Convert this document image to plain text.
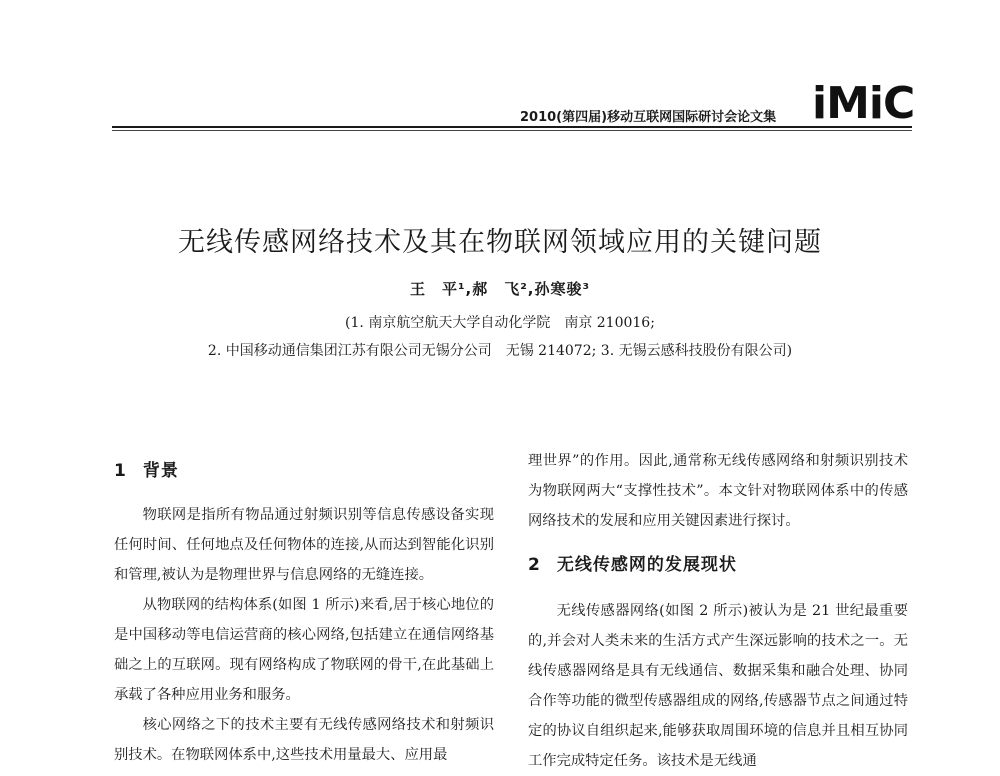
2010(第四届)移动互联网国际研讨会论文集 iMiC
无线传感网络技术及其在物联网领域应用的关键问题
王　平¹,郝　飞²,孙寒骏³
(1. 南京航空航天大学自动化学院　南京 210016;
2. 中国移动通信集团江苏有限公司无锡分公司　无锡 214072; 3. 无锡云感科技股份有限公司)
1 背景

物联网是指所有物品通过射频识别等信息传感设备实现任何时间、任何地点及任何物体的连接,从而达到智能化识别和管理,被认为是物理世界与信息网络的无缝连接。

从物联网的结构体系(如图 1 所示)来看,居于核心地位的是中国移动等电信运营商的核心网络,包括建立在通信网络基础之上的互联网。现有网络构成了物联网的骨干,在此基础上承载了各种应用业务和服务。

核心网络之下的技术主要有无线传感网络技术和射频识别技术。在物联网体系中,这些技术用量最大、应用最

理世界”的作用。因此,通常称无线传感网络和射频识别技术为物联网两大“支撑性技术”。本文针对物联网体系中的传感网络技术的发展和应用关键因素进行探讨。

2 无线传感网的发展现状

无线传感器网络(如图 2 所示)被认为是 21 世纪最重要的,并会对人类未来的生活方式产生深远影响的技术之一。无线传感器网络是具有无线通信、数据采集和融合处理、协同合作等功能的微型传感器组成的网络,传感器节点之间通过特定的协议自组织起来,能够获取周围环境的信息并且相互协同工作完成特定任务。该技术是无线通
